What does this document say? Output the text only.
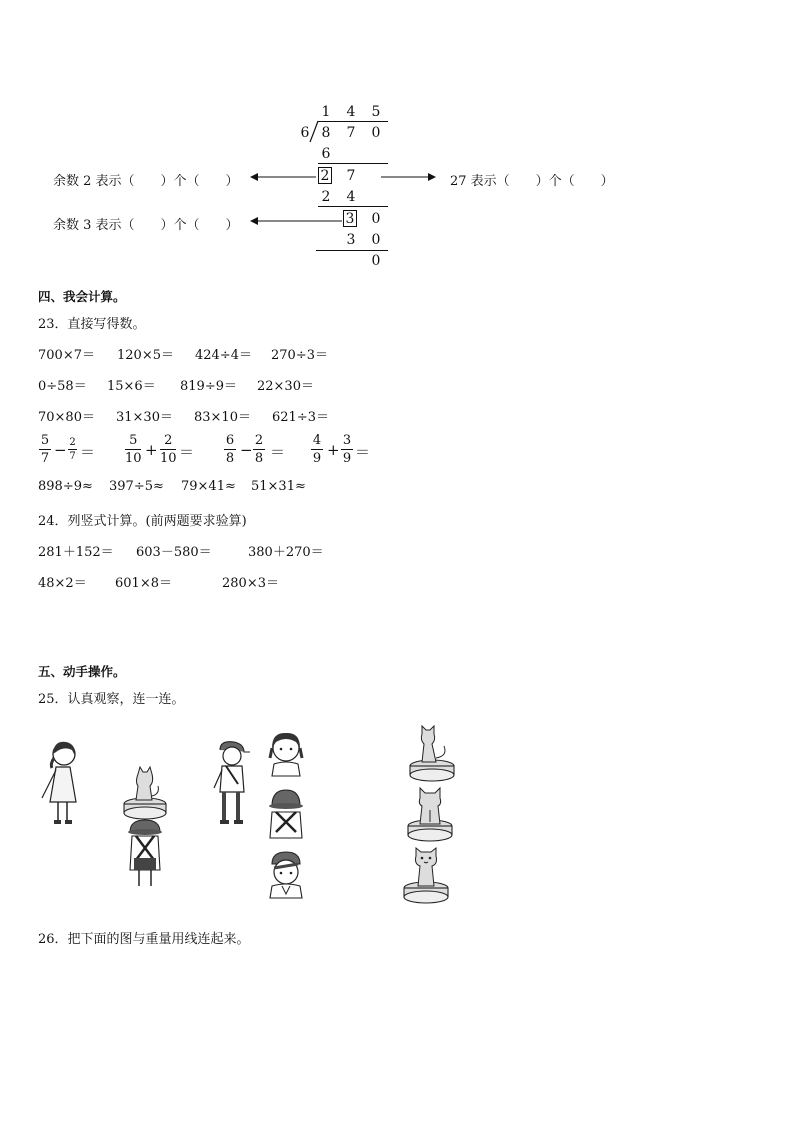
1 4 5
6 8 7 0
6
2 7
2 4
3 0
3 0
0
余数 2 表示（　　）个（　　）
余数 3 表示（　　）个（　　）
27 表示（　　）个（　　）
四、我会计算。
23．直接写得数。
700×7＝ 120×5＝ 424÷4＝ 270÷3＝
0÷58＝ 15×6＝ 819÷9＝ 22×30＝
70×80＝ 31×30＝ 83×10＝ 621÷3＝
5
7 − 2
7 ＝
5
10 +
2
10 ＝
6
8 −
2
8 ＝
4
9 +
3
9 ＝
898÷9≈ 397÷5≈ 79×41≈ 51×31≈
24．列竖式计算。(前两题要求验算)
281＋152＝ 603－580＝	380＋270＝
48×2＝ 601×8＝	280×3＝
五、动手操作。
25．认真观察，连一连。
26．把下面的图与重量用线连起来。
